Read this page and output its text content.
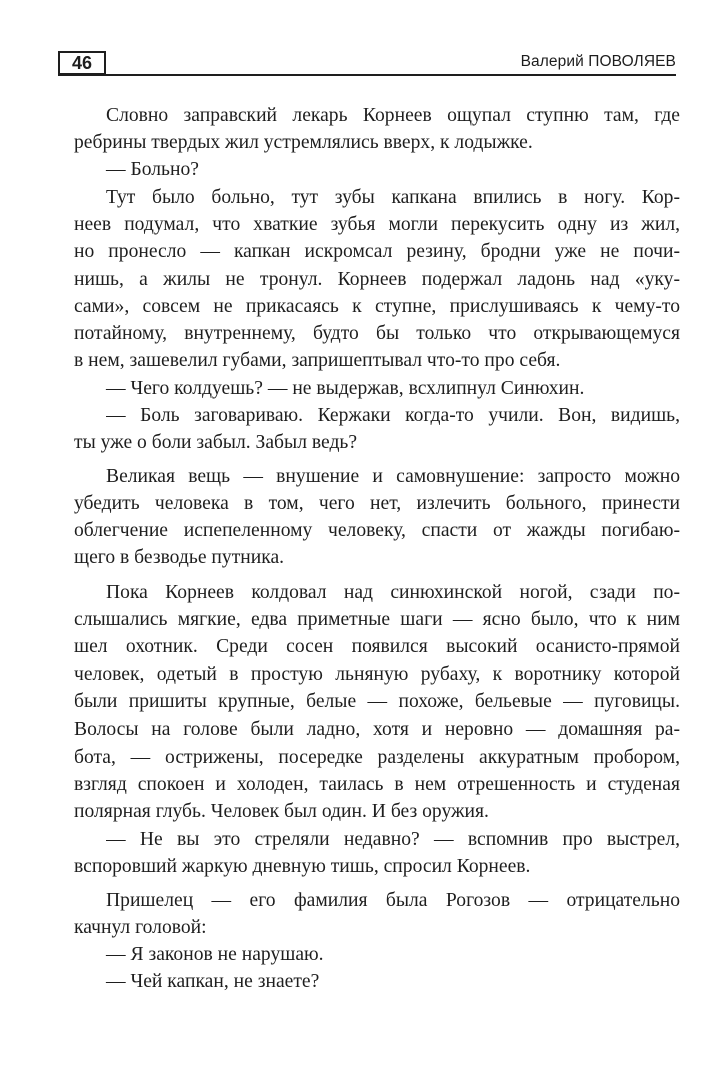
46	Валерий ПОВОЛЯЕВ
Словно заправский лекарь Корнеев ощупал ступню там, где
ребрины твердых жил устремлялись вверх, к лодыжке.
— Больно?
Тут было больно, тут зубы капкана впились в ногу. Кор-
неев подумал, что хваткие зубья могли перекусить одну из жил,
но пронесло — капкан искромсал резину, бродни уже не почи-
нишь, а жилы не тронул. Корнеев подержал ладонь над «уку-
сами», совсем не прикасаясь к ступне, прислушиваясь к чему-то
потайному, внутреннему, будто бы только что открывающемуся
в нем, зашевелил губами, запришептывал что-то про себя.
— Чего колдуешь? — не выдержав, всхлипнул Синюхин.
— Боль заговариваю. Кержаки когда-то учили. Вон, видишь,
ты уже о боли забыл. Забыл ведь?
Великая вещь — внушение и самовнушение: запросто можно
убедить человека в том, чего нет, излечить больного, принести
облегчение испепеленному человеку, спасти от жажды погибаю-
щего в безводье путника.
Пока Корнеев колдовал над синюхинской ногой, сзади по-
слышались мягкие, едва приметные шаги — ясно было, что к ним
шел охотник. Среди сосен появился высокий осанисто-прямой
человек, одетый в простую льняную рубаху, к воротнику которой
были пришиты крупные, белые — похоже, бельевые — пуговицы.
Волосы на голове были ладно, хотя и неровно — домашняя ра-
бота, — острижены, посередке разделены аккуратным пробором,
взгляд спокоен и холоден, таилась в нем отрешенность и студеная
полярная глубь. Человек был один. И без оружия.
— Не вы это стреляли недавно? — вспомнив про выстрел,
вспоровший жаркую дневную тишь, спросил Корнеев.
Пришелец — его фамилия была Рогозов — отрицательно
качнул головой:
— Я законов не нарушаю.
— Чей капкан, не знаете?
